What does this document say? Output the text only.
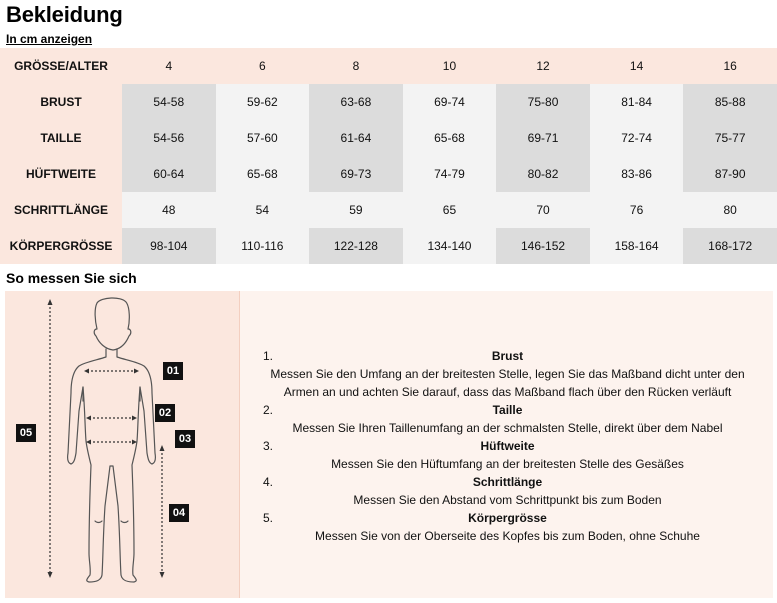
Bekleidung
In cm anzeigen
GRÖSSE/ALTER	4	6	8	10	12	14	16
BRUST	54-58	59-62	63-68	69-74	75-80	81-84	85-88
TAILLE	54-56	57-60	61-64	65-68	69-71	72-74	75-77
HÜFTWEITE	60-64	65-68	69-73	74-79	80-82	83-86	87-90
SCHRITTLÄNGE	48	54	59	65	70	76	80
KÖRPERGRÖSSE	98-104	110-116	122-128	134-140	146-152	158-164	168-172
So messen Sie sich
01
02
03
04
05
1.	Brust
Messen Sie den Umfang an der breitesten Stelle, legen Sie das Maßband dicht unter den Armen an und achten Sie darauf, dass das Maßband flach über den Rücken verläuft
2.	Taille
Messen Sie Ihren Taillenumfang an der schmalsten Stelle, direkt über dem Nabel
3.	Hüftweite
Messen Sie den Hüftumfang an der breitesten Stelle des Gesäßes
4.	Schrittlänge
Messen Sie den Abstand vom Schrittpunkt bis zum Boden
5.	Körpergrösse
Messen Sie von der Oberseite des Kopfes bis zum Boden, ohne Schuhe
